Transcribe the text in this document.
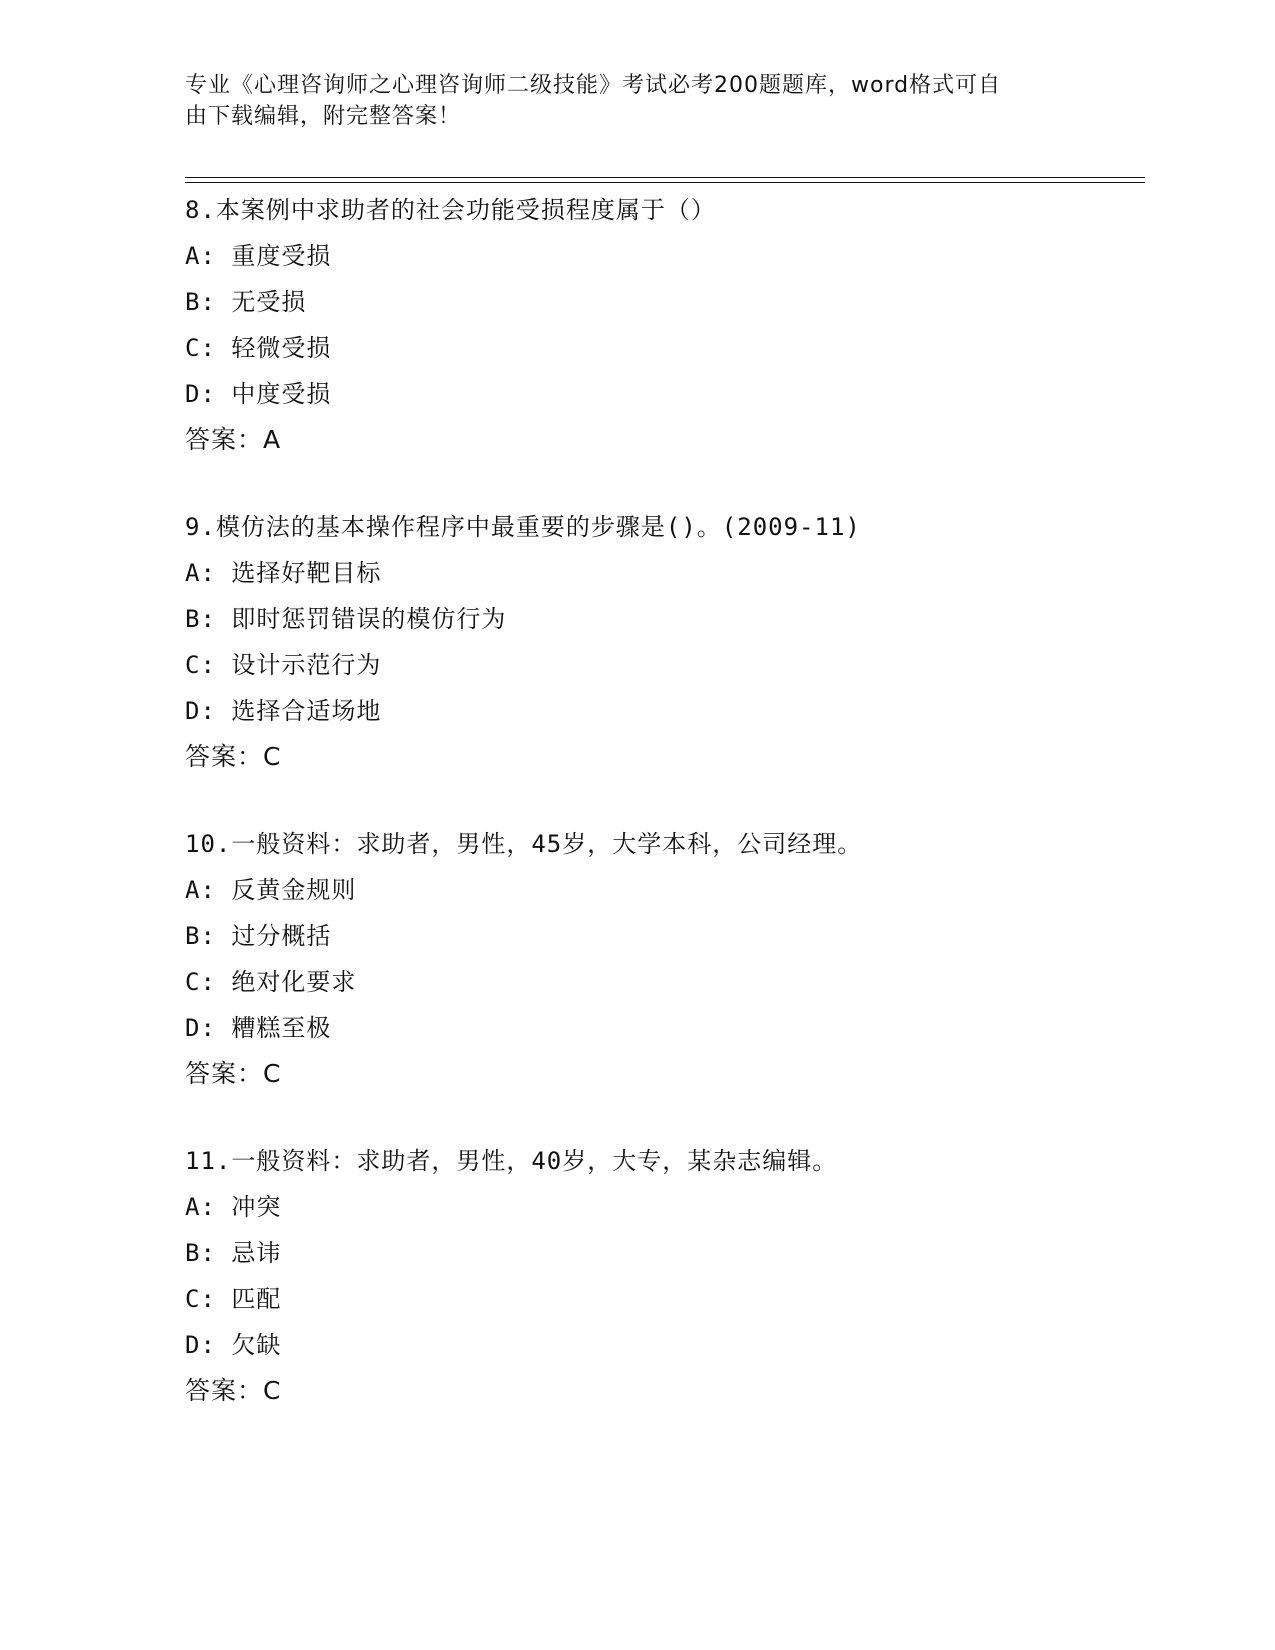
专业《心理咨询师之心理咨询师二级技能》考试必考200题题库，word格式可自
由下载编辑，附完整答案！
8.本案例中求助者的社会功能受损程度属于（）
A: 重度受损
B: 无受损
C: 轻微受损
D: 中度受损
答案：A
9.模仿法的基本操作程序中最重要的步骤是()。(2009-11)
A: 选择好靶目标
B: 即时惩罚错误的模仿行为
C: 设计示范行为
D: 选择合适场地
答案：C
10.一般资料：求助者，男性，45岁，大学本科，公司经理。
A: 反黄金规则
B: 过分概括
C: 绝对化要求
D: 糟糕至极
答案：C
11.一般资料：求助者，男性，40岁，大专，某杂志编辑。
A: 冲突
B: 忌讳
C: 匹配
D: 欠缺
答案：C
